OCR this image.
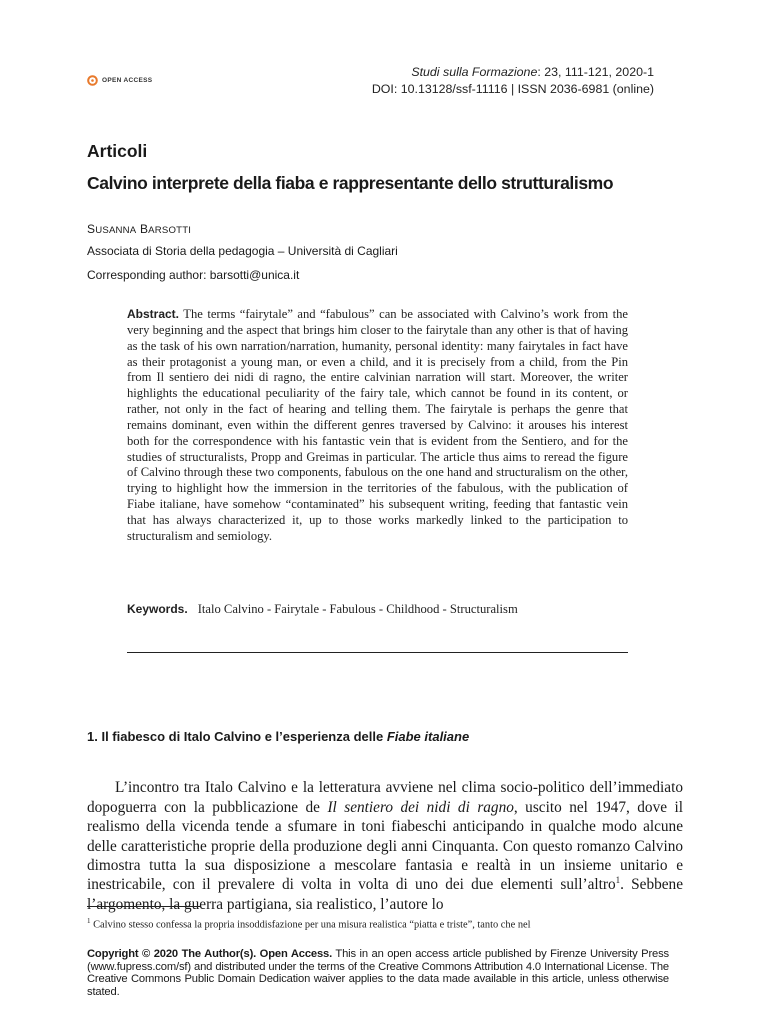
OPEN ACCESS
Studi sulla Formazione: 23, 111-121, 2020-1
DOI: 10.13128/ssf-11116 | ISSN 2036-6981 (online)
Articoli
Calvino interprete della fiaba e rappresentante dello strutturalismo
SUSANNA BARSOTTI
Associata di Storia della pedagogia – Università di Cagliari
Corresponding author: barsotti@unica.it
Abstract. The terms “fairytale” and “fabulous” can be associated with Calvino’s work from the very beginning and the aspect that brings him closer to the fairytale than any other is that of having as the task of his own narration/narration, humanity, personal identity: many fairytales in fact have as their protagonist a young man, or even a child, and it is precisely from a child, from the Pin from Il sentiero dei nidi di ragno, the entire calvinian narration will start. Moreover, the writer highlights the educational peculiarity of the fairy tale, which cannot be found in its content, or rather, not only in the fact of hearing and telling them. The fairytale is perhaps the genre that remains dominant, even within the different genres traversed by Calvino: it arouses his interest both for the correspondence with his fantastic vein that is evident from the Sentiero, and for the studies of structuralists, Propp and Greimas in particular. The article thus aims to reread the figure of Calvino through these two components, fabulous on the one hand and structuralism on the other, trying to highlight how the immersion in the territories of the fabulous, with the publication of Fiabe italiane, have somehow “contaminated” his subsequent writing, feeding that fantastic vein that has always characterized it, up to those works markedly linked to the participation to structuralism and semiology.
Keywords. Italo Calvino - Fairytale - Fabulous - Childhood - Structuralism
1. Il fiabesco di Italo Calvino e l’esperienza delle Fiabe italiane

L’incontro tra Italo Calvino e la letteratura avviene nel clima socio-politico dell’immediato dopoguerra con la pubblicazione de Il sentiero dei nidi di ragno, uscito nel 1947, dove il realismo della vicenda tende a sfumare in toni fiabeschi anticipando in qualche modo alcune delle caratteristiche proprie della produzione degli anni Cinquanta. Con questo romanzo Calvino dimostra tutta la sua disposizione a mescolare fantasia e realtà in un insieme unitario e inestricabile, con il prevalere di volta in volta di uno dei due elementi sull’altro$^1$. Sebbene l’argomento, la guerra partigiana, sia realistico, l’autore lo

$^1$ Calvino stesso confessa la propria insoddisfazione per una misura realistica “piatta e triste”, tanto che nel
Copyright © 2020 The Author(s). Open Access. This in an open access article published by Firenze University Press (www.fupress.com/sf) and distributed under the terms of the Creative Commons Attribution 4.0 International License. The Creative Commons Public Domain Dedication waiver applies to the data made available in this article, unless otherwise stated.
